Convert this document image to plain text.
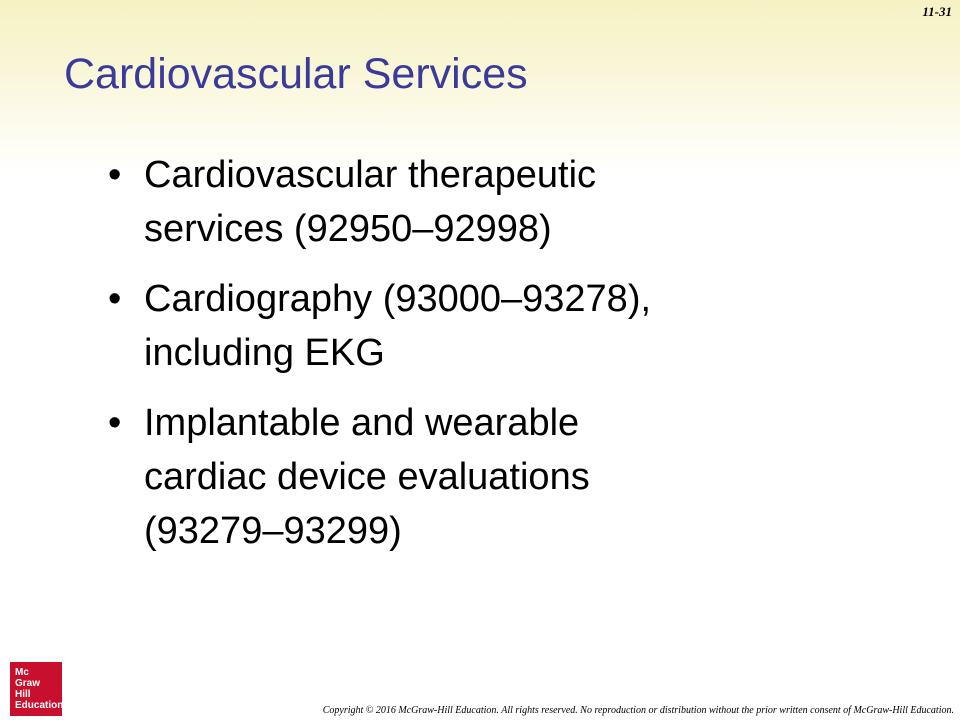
11-31
Cardiovascular Services
• Cardiovascular therapeutic
services (92950–92998)
• Cardiography (93000–93278),
including EKG
• Implantable and wearable
cardiac device evaluations
(93279–93299)
Mc
Graw
Hill
Education	Copyright © 2016 McGraw-Hill Education. All rights reserved. No reproduction or distribution without the prior written consent of McGraw-Hill Education.
